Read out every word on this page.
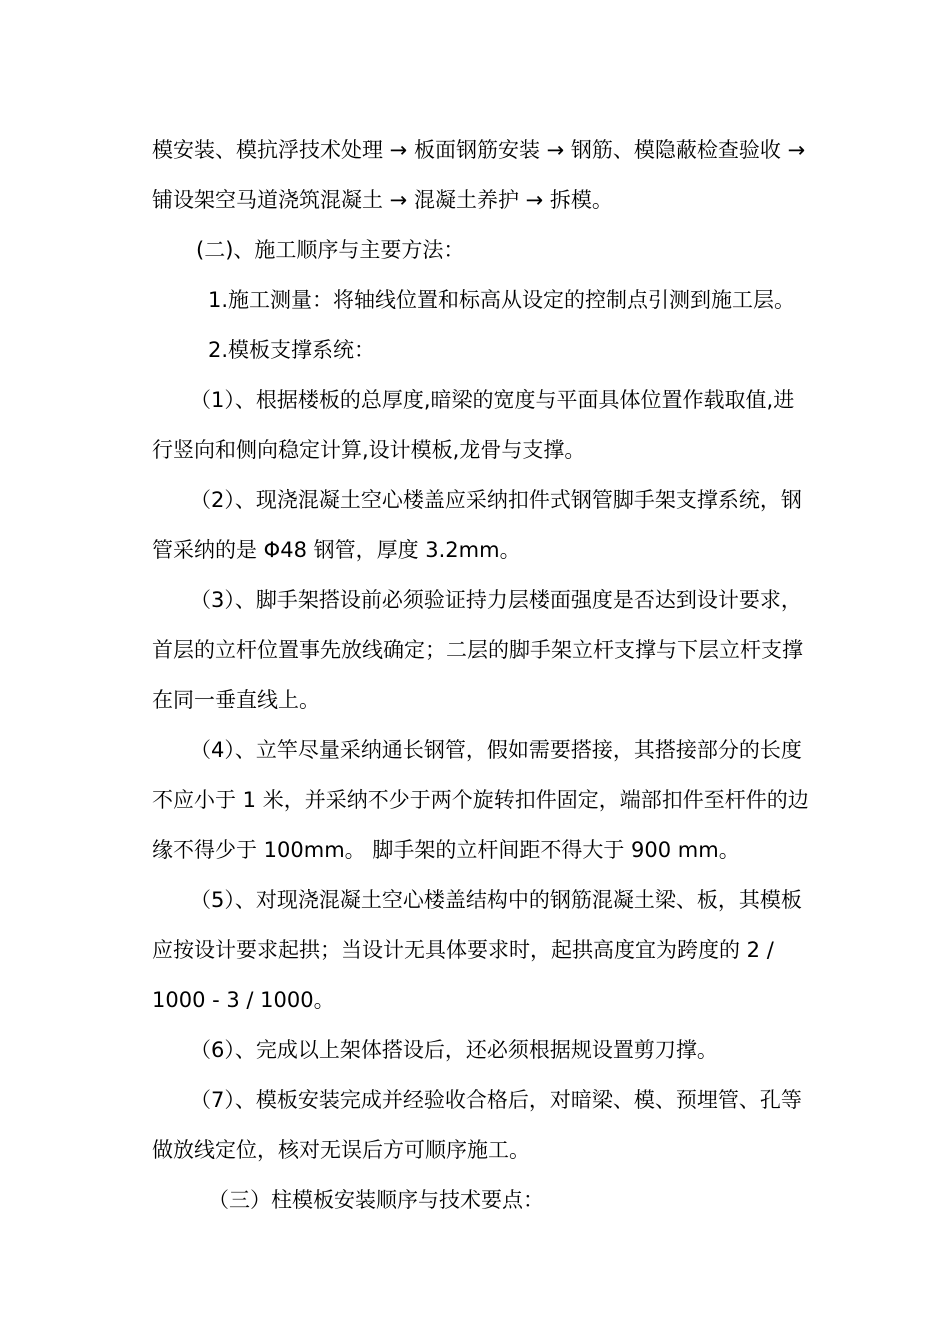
模安装、模抗浮技术处理 → 板面钢筋安装 → 钢筋、模隐蔽检查验收 →
铺设架空马道浇筑混凝土 → 混凝土养护 → 拆模。
(二)、施工顺序与主要方法：
1.施工测量：将轴线位置和标高从设定的控制点引测到施工层。
2.模板支撑系统：
（1）、根据楼板的总厚度,暗梁的宽度与平面具体位置作载取值,进
行竖向和侧向稳定计算,设计模板,龙骨与支撑。
（2）、现浇混凝土空心楼盖应采纳扣件式钢管脚手架支撑系统，钢
管采纳的是 Φ48 钢管，厚度 3.2mm。
（3）、脚手架搭设前必须验证持力层楼面强度是否达到设计要求，
首层的立杆位置事先放线确定；二层的脚手架立杆支撑与下层立杆支撑
在同一垂直线上。
（4）、立竿尽量采纳通长钢管，假如需要搭接，其搭接部分的长度
不应小于 1 米，并采纳不少于两个旋转扣件固定，端部扣件至杆件的边
缘不得少于 100mm。 脚手架的立杆间距不得大于 900 mm。
（5）、对现浇混凝土空心楼盖结构中的钢筋混凝土梁、板，其模板
应按设计要求起拱；当设计无具体要求时，起拱高度宜为跨度的 2 /
1000 - 3 / 1000。
（6）、完成以上架体搭设后，还必须根据规设置剪刀撑。
（7）、模板安装完成并经验收合格后，对暗梁、模、预埋管、孔等
做放线定位，核对无误后方可顺序施工。
（三）柱模板安装顺序与技术要点：
